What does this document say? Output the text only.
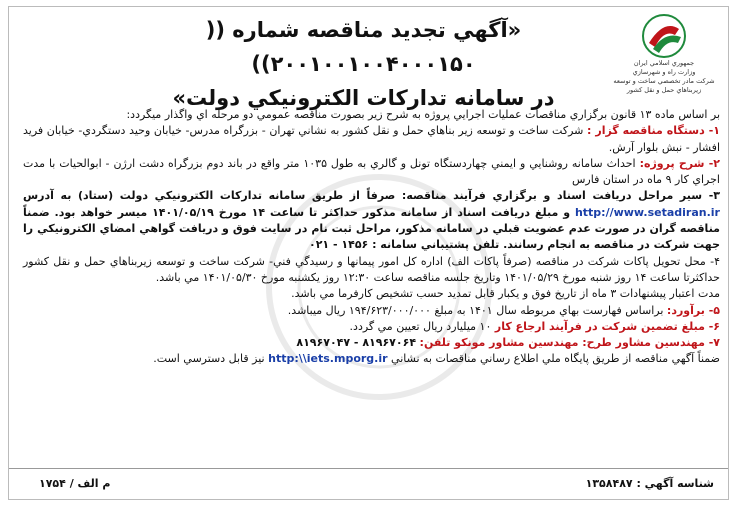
جمهوري اسلامي ايران
وزارت راه و شهرسازي
شركت مادر تخصصي ساخت و توسعه زيربناهاي حمل و نقل كشور
«آگهي تجديد مناقصه شماره (( ۲۰۰۱۰۰۱۰۰۴۰۰۰۱۵۰))
در سامانه تداركات الكترونيكي دولت»

بر اساس ماده ۱۳ قانون برگزاري مناقصات عمليات اجرايي پروژه به شرح زير بصورت مناقصه عمومي دو مرحله اي واگذار ميگردد:

۱- دستگاه مناقصه گزار : شركت ساخت و توسعه زير بناهاي حمل و نقل كشور به نشاني تهران - بزرگراه مدرس- خيابان وحيد دستگردي- خيابان فريد افشار - نبش بلوار آرش.

۲- شرح پروژه: احداث سامانه روشنايي و ايمني چهاردستگاه تونل و گالري به طول ۱۰۳۵ متر واقع در باند دوم بزرگراه دشت ارژن - ابوالحيات با مدت اجراي كار ۹ ماه در استان فارس

۳- سير مراحل دريافت اسناد و برگزاري فرآيند مناقصه: صرفاً از طريق سامانه تداركات الكترونيكي دولت (ستاد) به آدرس http://www.setadiran.ir و مبلغ دريافت اسناد از سامانه مذكور حداكثر تا ساعت ۱۴ مورخ ۱۴۰۱/۰۵/۱۹ ميسر خواهد بود. ضمناً مناقصه گران در صورت عدم عضويت قبلي در سامانه مذكور، مراحل ثبت نام در سايت فوق و دريافت گواهي امضاي الكترونيكي را جهت شركت در مناقصه به انجام رسانند. تلفن پشتيباني سامانه : ۱۴۵۶ - ۰۲۱

۴- محل تحويل پاكات شركت در مناقصه (صرفاً پاكات الف) اداره كل امور پيمانها و رسيدگي فني- شركت ساخت و توسعه زيربناهاي حمل و نقل كشور حداكثرتا ساعت ۱۴ روز شنبه مورخ ۱۴۰۱/۰۵/۲۹ وتاريخ جلسه مناقصه ساعت ۱۲:۳۰ روز يكشنبه مورخ ۱۴۰۱/۰۵/۳۰ مي باشد.

مدت اعتبار پيشنهادات ۳ ماه از تاريخ فوق و يكبار قابل تمديد حسب تشخيص كارفرما مي باشد.

۵- برآورد: براساس فهارست بهاي مربوطه سال ۱۴۰۱ به مبلغ ۱۹۴/۶۲۳/۰۰۰/۰۰۰ ريال ميباشد.

۶- مبلغ تضمين شركت در فرآيند ارجاع كار ۱۰ ميليارد ريال تعيين مي گردد.

۷- مهندسين مشاور طرح: مهندسين مشاور مونكو تلفن: ۸۱۹۶۷۰۶۴ - ۸۱۹۶۷۰۴۷

ضمناً آگهي مناقصه از طريق پايگاه ملي اطلاع رساني مناقصات به نشاني http:\\iets.mporg.ir نيز قابل دسترسي است.

شناسه آگهي : ۱۳۵۸۴۸۷
م الف / ۱۷۵۴
